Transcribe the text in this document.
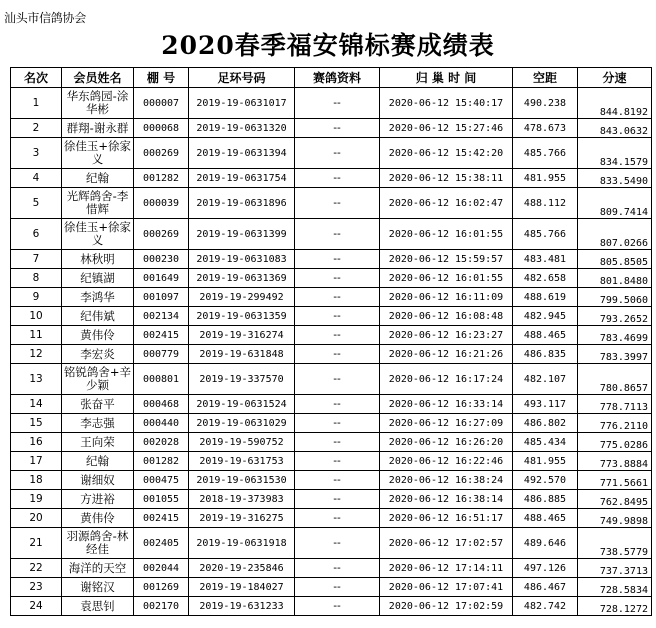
汕头市信鸽协会
2020春季福安锦标赛成绩表
名次	会员姓名	棚 号	足环号码	赛鸽资料	归 巢 时 间	空距	分速
1	华东鸽园-涂华彬	000007	2019-19-0631017	--	2020-06-12 15:40:17	490.238	844.8192
2	群翔-谢永群	000068	2019-19-0631320	--	2020-06-12 15:27:46	478.673	843.0632
3	徐佳玉+徐家义	000269	2019-19-0631394	--	2020-06-12 15:42:20	485.766	834.1579
4	纪翰	001282	2019-19-0631754	--	2020-06-12 15:38:11	481.955	833.5490
5	光辉鸽舍-李惜辉	000039	2019-19-0631896	--	2020-06-12 16:02:47	488.112	809.7414
6	徐佳玉+徐家义	000269	2019-19-0631399	--	2020-06-12 16:01:55	485.766	807.0266
7	林秋明	000230	2019-19-0631083	--	2020-06-12 15:59:57	483.481	805.8505
8	纪镇湖	001649	2019-19-0631369	--	2020-06-12 16:01:55	482.658	801.8480
9	李鸿华	001097	2019-19-299492	--	2020-06-12 16:11:09	488.619	799.5060
10	纪伟斌	002134	2019-19-0631359	--	2020-06-12 16:08:48	482.945	793.2652
11	黄伟伶	002415	2019-19-316274	--	2020-06-12 16:23:27	488.465	783.4699
12	李宏炎	000779	2019-19-631848	--	2020-06-12 16:21:26	486.835	783.3997
13	铭锐鸽舍+辛少颖	000801	2019-19-337570	--	2020-06-12 16:17:24	482.107	780.8657
14	张奋平	000468	2019-19-0631524	--	2020-06-12 16:33:14	493.117	778.7113
15	李志强	000440	2019-19-0631029	--	2020-06-12 16:27:09	486.802	776.2110
16	王向荣	002028	2019-19-590752	--	2020-06-12 16:26:20	485.434	775.0286
17	纪翰	001282	2019-19-631753	--	2020-06-12 16:22:46	481.955	773.8884
18	谢细奴	000475	2019-19-0631530	--	2020-06-12 16:38:24	492.570	771.5661
19	方进裕	001055	2018-19-373983	--	2020-06-12 16:38:14	486.885	762.8495
20	黄伟伶	002415	2019-19-316275	--	2020-06-12 16:51:17	488.465	749.9898
21	羽源鸽舍-林经佳	002405	2019-19-0631918	--	2020-06-12 17:02:57	489.646	738.5779
22	海洋的天空	002044	2020-19-235846	--	2020-06-12 17:14:11	497.126	737.3713
23	谢铭汉	001269	2019-19-184027	--	2020-06-12 17:07:41	486.467	728.5834
24	袁思钊	002170	2019-19-631233	--	2020-06-12 17:02:59	482.742	728.1272
